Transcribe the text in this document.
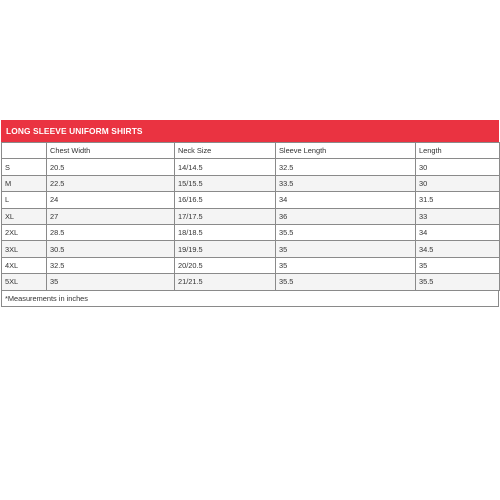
LONG SLEEVE UNIFORM SHIRTS
	Chest Width	Neck Size	Sleeve Length	Length
S	20.5	14/14.5	32.5	30
M	22.5	15/15.5	33.5	30
L	24	16/16.5	34	31.5
XL	27	17/17.5	36	33
2XL	28.5	18/18.5	35.5	34
3XL	30.5	19/19.5	35	34.5
4XL	32.5	20/20.5	35	35
5XL	35	21/21.5	35.5	35.5
*Measurements in inches
